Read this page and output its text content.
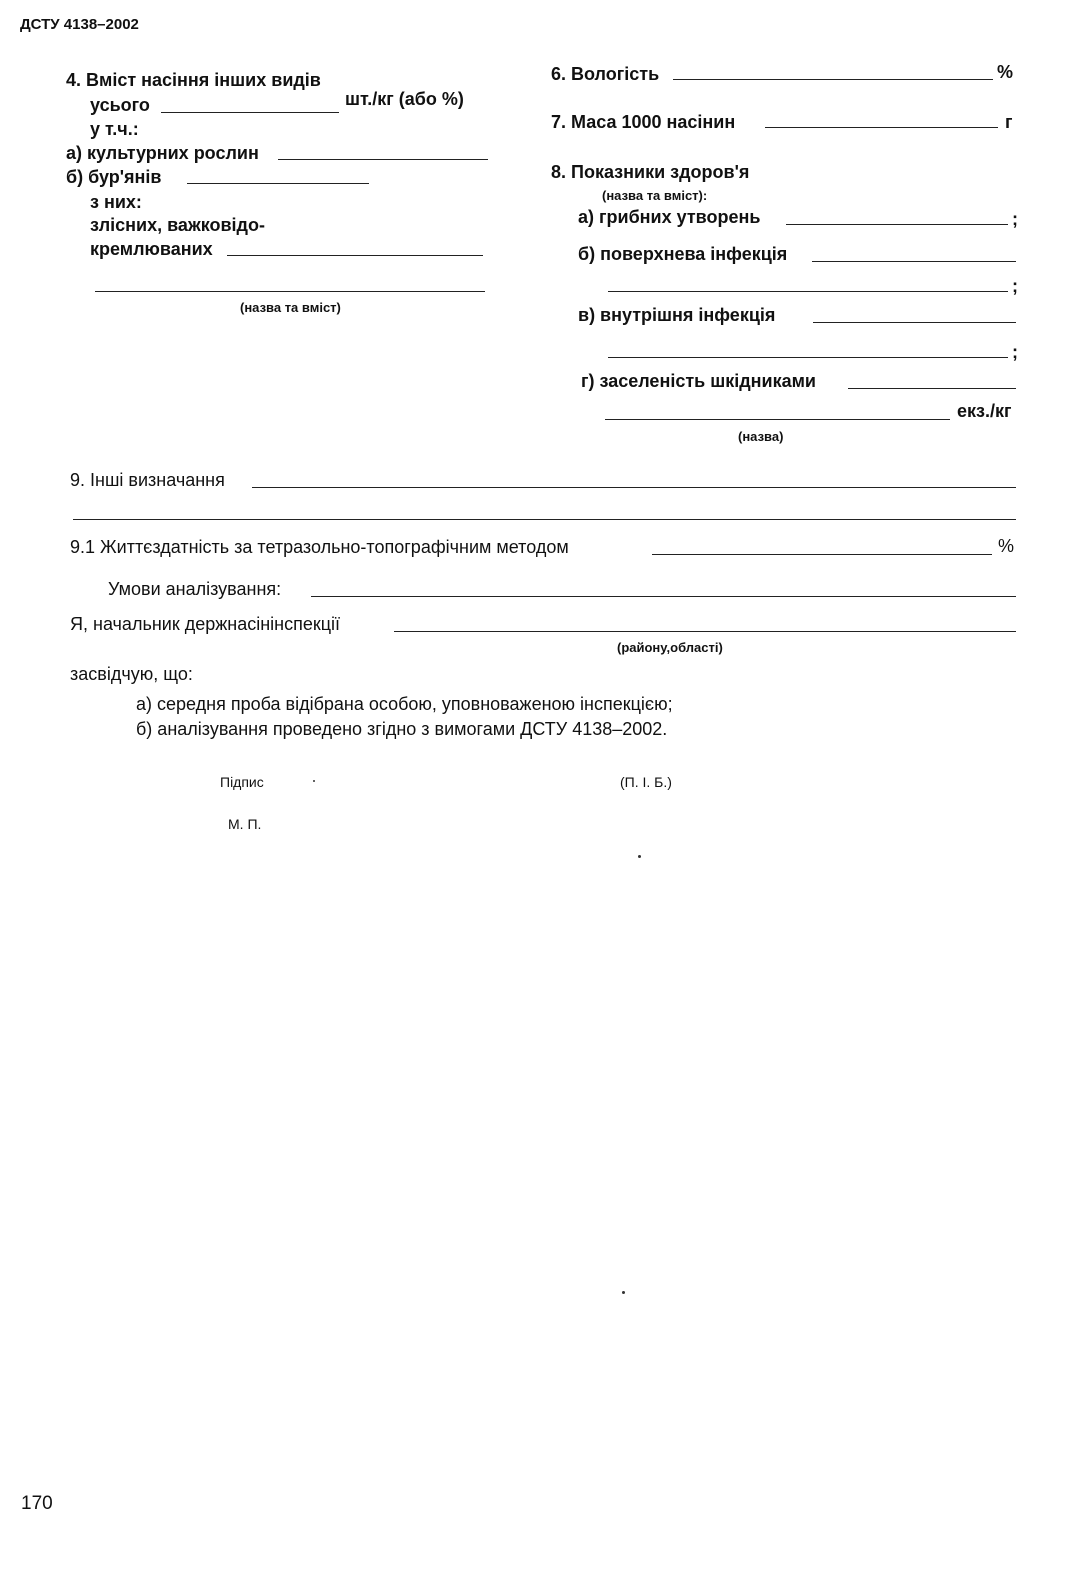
ДСТУ 4138–2002
4. Вміст насіння інших видів
усього	шт./кг (або %)
у т.ч.:
а) культурних рослин
б) бур'янів
з них:
злісних, важковідо-
кремлюваних
(назва та вміст)
6. Вологість	%
7. Маса 1000 насінин	г
8. Показники здоров'я
(назва та вміст):
а) грибних утворень	;
б) поверхнева інфекція
;
в) внутрішня інфекція
;
г) заселеність шкідниками
екз./кг
(назва)
9. Інші визначання
9.1 Життєздатність за тетразольно-топографічним методом	%
Умови аналізування:
Я, начальник держнасінінспекції
(району,області)
засвідчую, що:
а) середня проба відібрана особою, уповноваженою інспекцією;
б) аналізування проведено згідно з вимогами ДСТУ 4138–2002.
Підпис	(П. І. Б.)
М. П.
170
